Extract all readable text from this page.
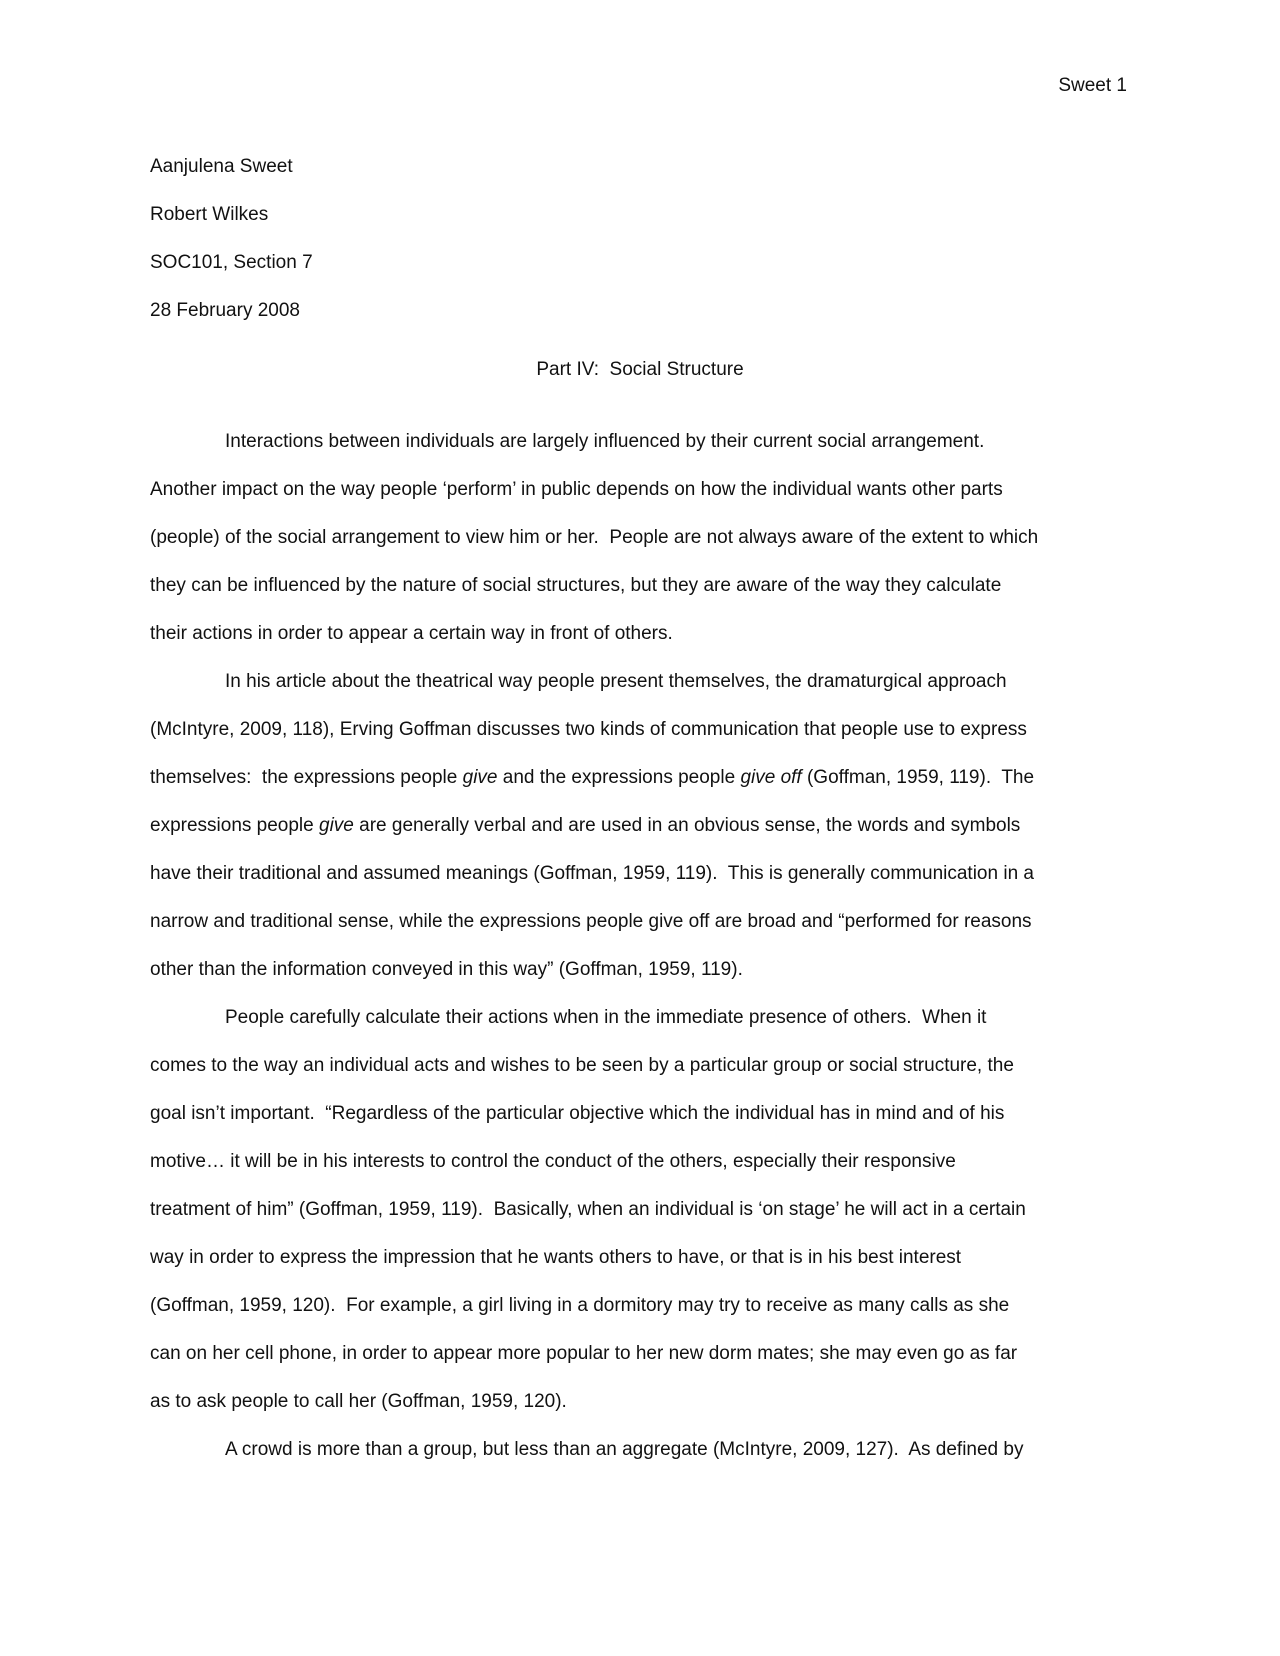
Sweet 1

Aanjulena Sweet

Robert Wilkes

SOC101, Section 7

28 February 2008

Part IV:  Social Structure

Interactions between individuals are largely influenced by their current social arrangement.
Another impact on the way people ‘perform’ in public depends on how the individual wants other parts
(people) of the social arrangement to view him or her.  People are not always aware of the extent to which
they can be influenced by the nature of social structures, but they are aware of the way they calculate
their actions in order to appear a certain way in front of others.

In his article about the theatrical way people present themselves, the dramaturgical approach
(McIntyre, 2009, 118), Erving Goffman discusses two kinds of communication that people use to express
themselves:  the expressions people give and the expressions people give off (Goffman, 1959, 119).  The
expressions people give are generally verbal and are used in an obvious sense, the words and symbols
have their traditional and assumed meanings (Goffman, 1959, 119).  This is generally communication in a
narrow and traditional sense, while the expressions people give off are broad and “performed for reasons
other than the information conveyed in this way” (Goffman, 1959, 119).

People carefully calculate their actions when in the immediate presence of others.  When it
comes to the way an individual acts and wishes to be seen by a particular group or social structure, the
goal isn’t important.  “Regardless of the particular objective which the individual has in mind and of his
motive… it will be in his interests to control the conduct of the others, especially their responsive
treatment of him” (Goffman, 1959, 119).  Basically, when an individual is ‘on stage’ he will act in a certain
way in order to express the impression that he wants others to have, or that is in his best interest
(Goffman, 1959, 120).  For example, a girl living in a dormitory may try to receive as many calls as she
can on her cell phone, in order to appear more popular to her new dorm mates; she may even go as far
as to ask people to call her (Goffman, 1959, 120).

A crowd is more than a group, but less than an aggregate (McIntyre, 2009, 127).  As defined by
